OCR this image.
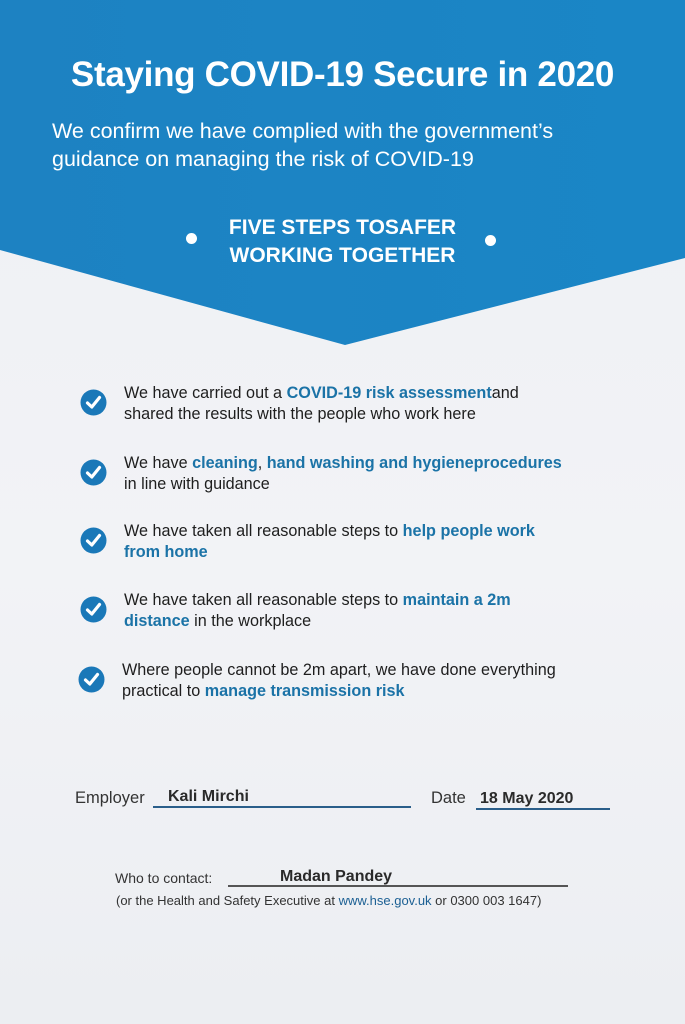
Staying COVID-19 Secure in 2020
We confirm we have complied with the government’s
guidance on managing the risk of COVID-19
FIVE STEPS TOSAFER
WORKING TOGETHER
We have carried out a COVID-19 risk assessmentand
shared the results with the people who work here
We have cleaning, hand washing and hygieneprocedures
in line with guidance
We have taken all reasonable steps to help people work
from home
We have taken all reasonable steps to maintain a 2m
distance in the workplace
Where people cannot be 2m apart, we have done everything
practical to manage transmission risk
Employer Kali Mirchi	Date 18 May 2020
Who to contact:	Madan Pandey
(or the Health and Safety Executive at www.hse.gov.uk or 0300 003 1647)
